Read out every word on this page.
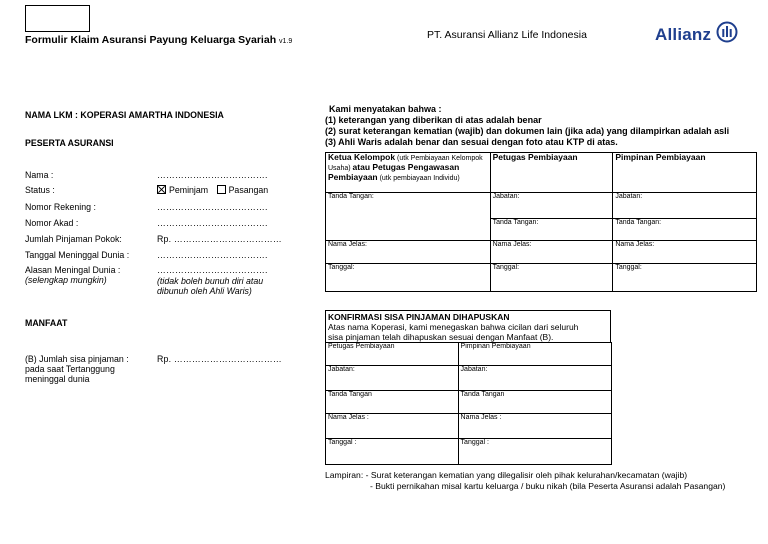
Formulir Klaim Asuransi Payung Keluarga Syariah v1.9
PT. Asuransi Allianz Life Indonesia	Allianz
NAMA LKM : KOPERASI AMARTHA INDONESIA
PESERTA ASURANSI
Nama :	……………………………….
Status :	Peminjam Pasangan
Nomor Rekening :	……………………………….
Nomor Akad :	……………………………….
Jumlah Pinjaman Pokok:	Rp. ………………………………
Tanggal Meninggal Dunia :	……………………………….
Alasan Meningal Dunia :
(selengkap mungkin)
……………………………….
(tidak boleh bunuh diri atau
dibunuh oleh Ahli Waris)
MANFAAT
(B) Jumlah sisa pinjaman :
pada saat Tertanggung
meninggal dunia
Rp. ………………………………
Kami menyatakan bahwa :
(1) keterangan yang diberikan di atas adalah benar
(2) surat keterangan kematian (wajib) dan dokumen lain (jika ada) yang dilampirkan adalah asli
(3) Ahli Waris adalah benar dan sesuai dengan foto atau KTP di atas.
Ketua Kelompok (utk Pembiayaan Kelompok Usaha) atau Petugas Pengawasan Pembiayaan (utk pembiayaan Individu)	Petugas Pembiayaan	Pimpinan Pembiayaan
Tanda Tangan:	Jabatan:	Jabatan:
	Tanda Tangan:	Tanda Tangan:
Nama Jelas:	Nama Jelas:	Nama Jelas:
Tanggal:	Tanggal:	Tanggal:
KONFIRMASI SISA PINJAMAN DIHAPUSKAN
Atas nama Koperasi, kami menegaskan bahwa cicilan dari seluruh
sisa pinjaman telah dihapuskan sesuai dengan Manfaat (B).
Petugas Pembiayaan	Pimpinan Pembiayaan
Jabatan:	Jabatan:
Tanda Tangan	Tanda Tangan
Nama Jelas :	Nama Jelas :
Tanggal :	Tanggal :
Lampiran: - Surat keterangan kematian yang dilegalisir oleh pihak kelurahan/kecamatan (wajib)
- Bukti pernikahan misal kartu keluarga / buku nikah (bila Peserta Asuransi adalah Pasangan)
